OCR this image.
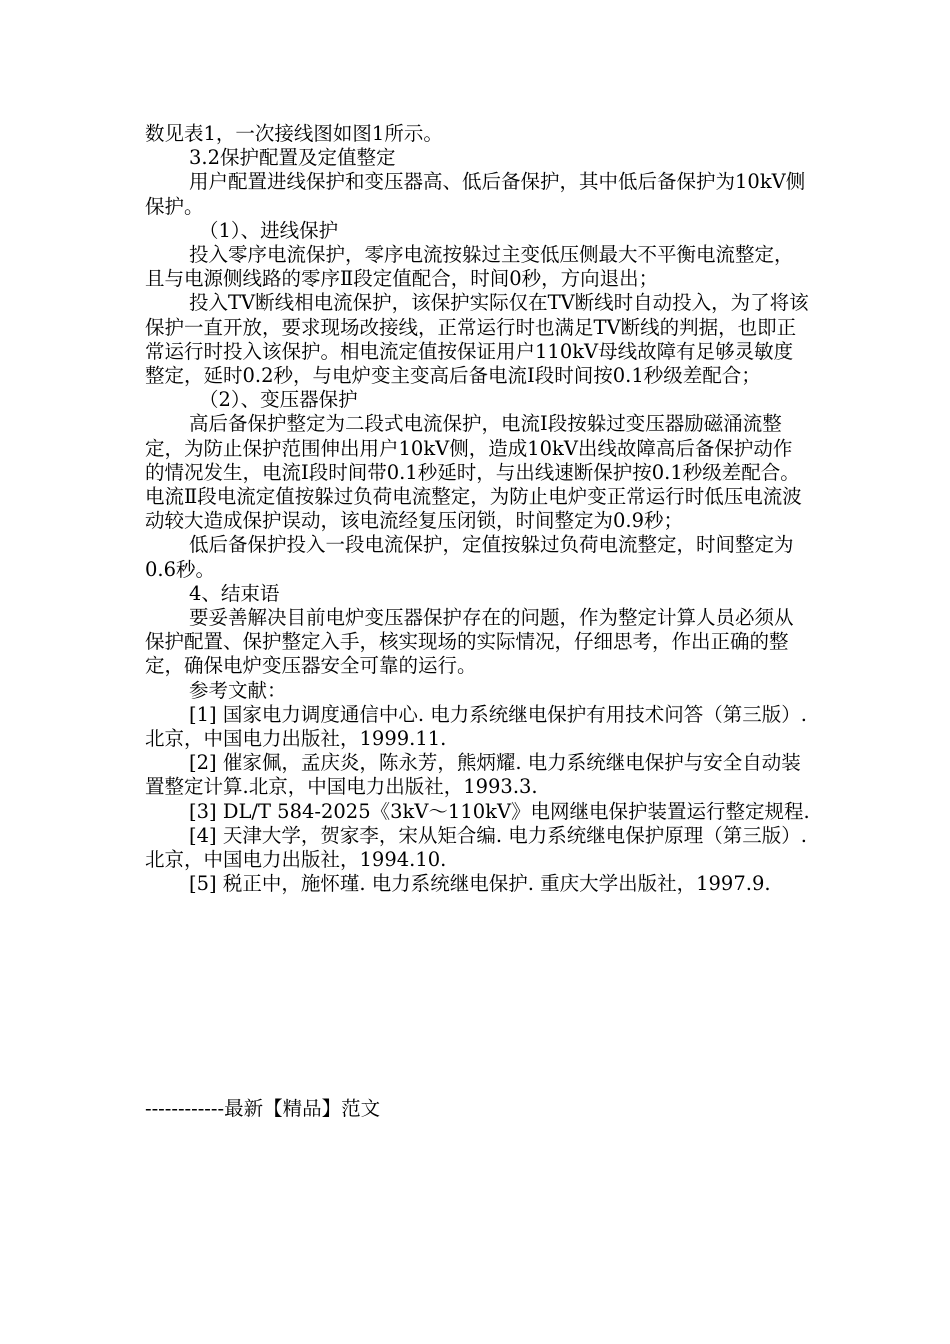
数见表1，一次接线图如图1所示。

3.2保护配置及定值整定

用户配置进线保护和变压器高、低后备保护，其中低后备保护为10kV侧保护。

（1）、进线保护

投入零序电流保护，零序电流按躲过主变低压侧最大不平衡电流整定，且与电源侧线路的零序Ⅱ段定值配合，时间0秒，方向退出；

投入TV断线相电流保护，该保护实际仅在TV断线时自动投入，为了将该保护一直开放，要求现场改接线，正常运行时也满足TV断线的判据，也即正常运行时投入该保护。相电流定值按保证用户110kV母线故障有足够灵敏度整定，延时0.2秒，与电炉变主变高后备电流Ⅰ段时间按0.1秒级差配合；

（2）、变压器保护

高后备保护整定为二段式电流保护，电流Ⅰ段按躲过变压器励磁涌流整定，为防止保护范围伸出用户10kV侧，造成10kV出线故障高后备保护动作的情况发生，电流Ⅰ段时间带0.1秒延时，与出线速断保护按0.1秒级差配合。电流Ⅱ段电流定值按躲过负荷电流整定，为防止电炉变正常运行时低压电流波动较大造成保护误动，该电流经复压闭锁，时间整定为0.9秒；

低后备保护投入一段电流保护，定值按躲过负荷电流整定，时间整定为0.6秒。

4、结束语

要妥善解决目前电炉变压器保护存在的问题，作为整定计算人员必须从保护配置、保护整定入手，核实现场的实际情况，仔细思考，作出正确的整定，确保电炉变压器安全可靠的运行。

参考文献：

[1] 国家电力调度通信中心. 电力系统继电保护有用技术问答（第三版）.北京，中国电力出版社，1999.11.

[2] 催家佩，孟庆炎，陈永芳，熊炳耀. 电力系统继电保护与安全自动装置整定计算.北京，中国电力出版社，1993.3.

[3] DL/T 584-2025《3kV～110kV》电网继电保护装置运行整定规程.

[4] 天津大学，贺家李，宋从矩合编. 电力系统继电保护原理（第三版）.北京，中国电力出版社，1994.10.

[5] 税正中，施怀瑾. 电力系统继电保护. 重庆大学出版社，1997.9.

------------最新【精品】范文
